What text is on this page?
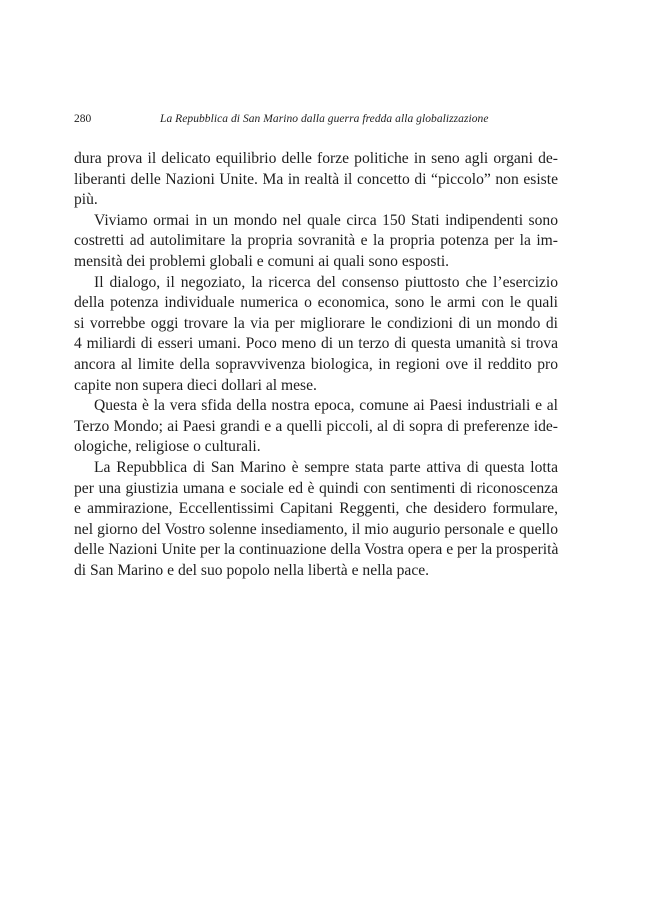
280	La Repubblica di San Marino dalla guerra fredda alla globalizzazione

dura prova il delicato equilibrio delle forze politiche in seno agli organi de-
liberanti delle Nazioni Unite. Ma in realtà il concetto di “piccolo” non esiste
più.

Viviamo ormai in un mondo nel quale circa 150 Stati indipendenti sono
costretti ad autolimitare la propria sovranità e la propria potenza per la im-
mensità dei problemi globali e comuni ai quali sono esposti.

Il dialogo, il negoziato, la ricerca del consenso piuttosto che l’esercizio
della potenza individuale numerica o economica, sono le armi con le quali
si vorrebbe oggi trovare la via per migliorare le condizioni di un mondo di
4 miliardi di esseri umani. Poco meno di un terzo di questa umanità si trova
ancora al limite della sopravvivenza biologica, in regioni ove il reddito pro
capite non supera dieci dollari al mese.

Questa è la vera sfida della nostra epoca, comune ai Paesi industriali e al
Terzo Mondo; ai Paesi grandi e a quelli piccoli, al di sopra di preferenze ide-
ologiche, religiose o culturali.

La Repubblica di San Marino è sempre stata parte attiva di questa lotta
per una giustizia umana e sociale ed è quindi con sentimenti di riconoscenza
e ammirazione, Eccellentissimi Capitani Reggenti, che desidero formulare,
nel giorno del Vostro solenne insediamento, il mio augurio personale e quello
delle Nazioni Unite per la continuazione della Vostra opera e per la prosperità
di San Marino e del suo popolo nella libertà e nella pace.
